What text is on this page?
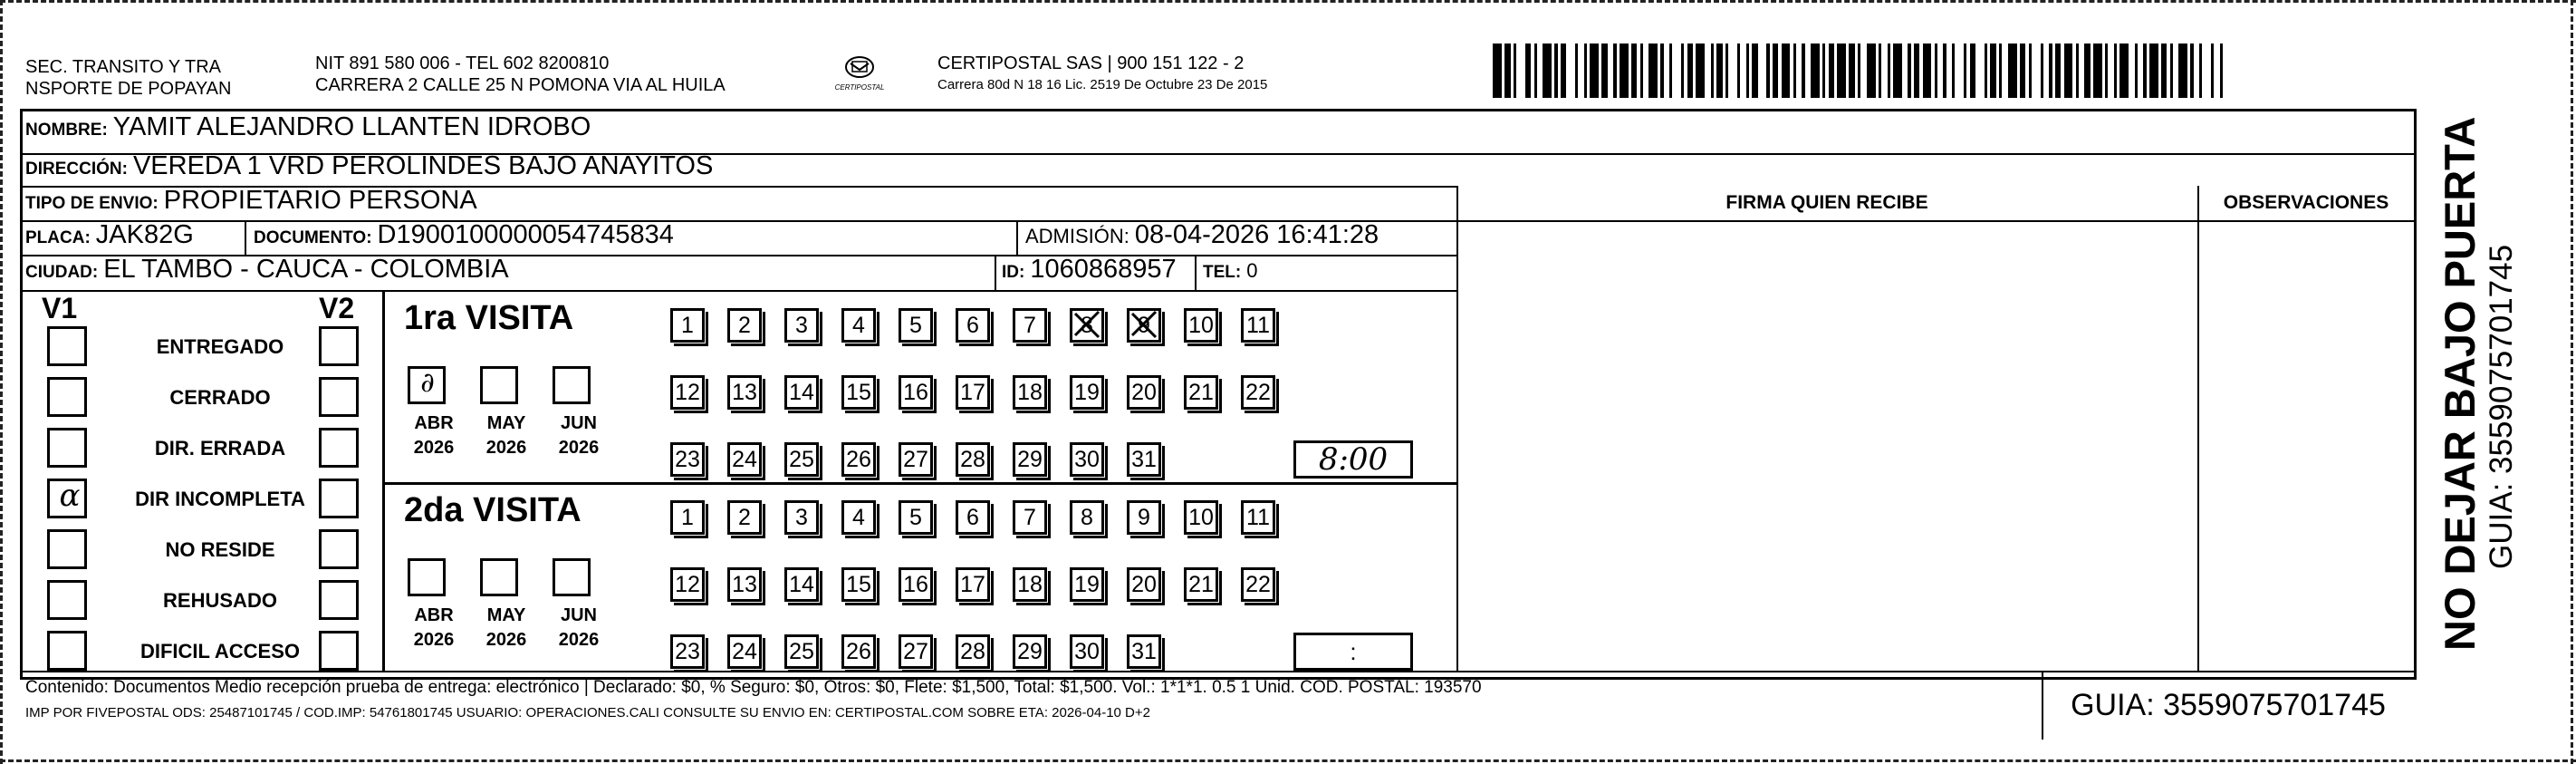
SEC. TRANSITO Y TRA
NSPORTE DE POPAYAN
NIT 891 580 006 - TEL 602 8200810
CARRERA 2 CALLE 25 N POMONA VIA AL HUILA	CERTIPOSTAL
CERTIPOSTAL SAS | 900 151 122 - 2
Carrera 80d N 18 16 Lic. 2519 De Octubre 23 De 2015
NOMBRE: YAMIT ALEJANDRO LLANTEN IDROBO
DIRECCIÓN: VEREDA 1 VRD PEROLINDES BAJO ANAYITOS
TIPO DE ENVIO: PROPIETARIO PERSONA
PLACA: JAK82G	DOCUMENTO: D1900100000054745834	ADMISIÓN: 08-04-2026 16:41:28
CIUDAD: EL TAMBO - CAUCA - COLOMBIA	ID: 1060868957 TEL: 0
FIRMA QUIEN RECIBE	OBSERVACIONES
V1	V2
ENTREGADO
CERRADO
DIR. ERRADA
α	DIR INCOMPLETA
NO RESIDE
REHUSADO
DIFICIL ACCESO
1ra VISITA
∂
ABR
2026
MAY
2026
JUN
2026
1	2	3	4	5	6	7	8	9	10 11
12 13 14 15 16 17 18 19 20 21 22
23 24 25 26 27 28 29 30 31	8:00
2da VISITA
ABR
2026
MAY
2026
JUN
2026
1	2	3	4	5	6	7	8	9	10 11
12 13 14 15 16 17 18 19 20 21 22
23 24 25 26 27 28 29 30 31	:
Contenido: Documentos Medio recepción prueba de entrega: electrónico | Declarado: $0, % Seguro: $0, Otros: $0, Flete: $1,500, Total: $1,500. Vol.: 1*1*1. 0.5 1 Unid. COD. POSTAL: 193570
IMP POR FIVEPOSTAL ODS: 25487101745 / COD.IMP: 54761801745 USUARIO: OPERACIONES.CALI CONSULTE SU ENVIO EN: CERTIPOSTAL.COM SOBRE ETA: 2026-04-10 D+2	GUIA: 3559075701745
NO DEJAR BAJO PUERTA GUIA: 3559075701745
